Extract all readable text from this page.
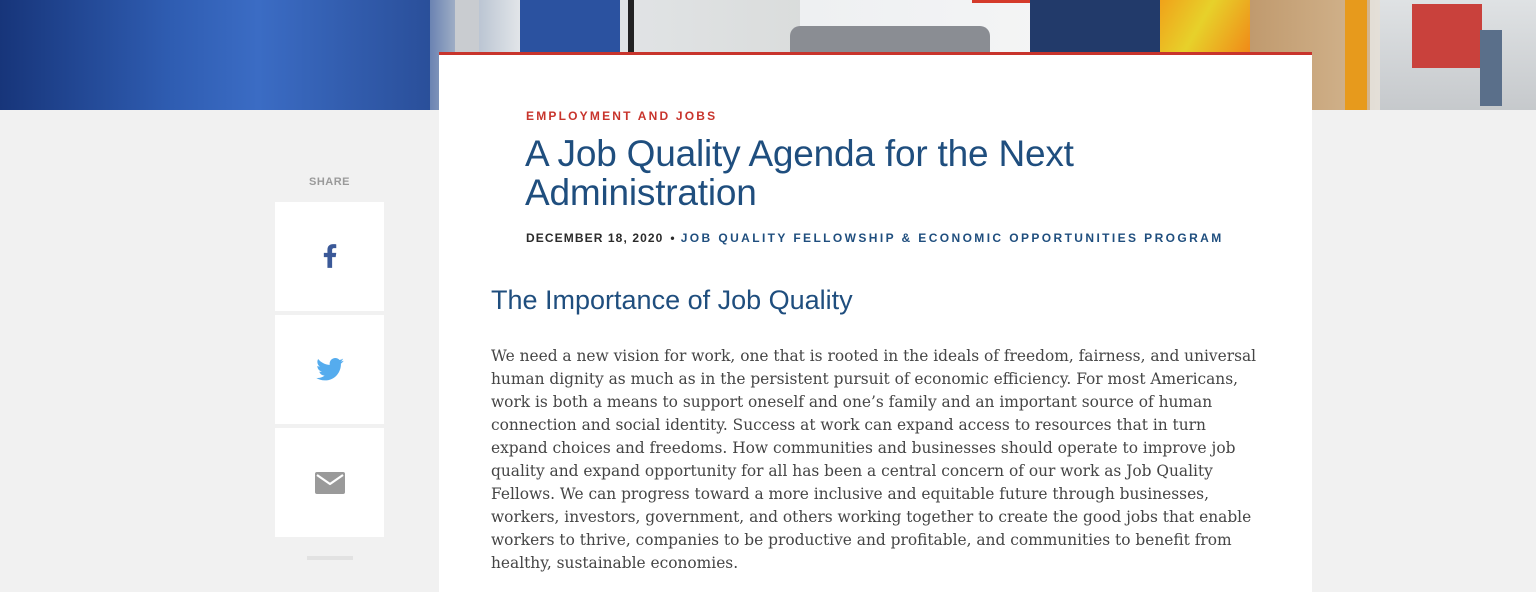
SHARE
EMPLOYMENT AND JOBS
A Job Quality Agenda for the Next Administration
DECEMBER 18, 2020 • JOB QUALITY FELLOWSHIP & ECONOMIC OPPORTUNITIES PROGRAM
The Importance of Job Quality

We need a new vision for work, one that is rooted in the ideals of freedom, fairness, and universal human dignity as much as in the persistent pursuit of economic efficiency. For most Americans, work is both a means to support oneself and one’s family and an important source of human connection and social identity. Success at work can expand access to resources that in turn expand choices and freedoms. How communities and businesses should operate to improve job quality and expand opportunity for all has been a central concern of our work as Job Quality Fellows. We can progress toward a more inclusive and equitable future through businesses, workers, investors, government, and others working together to create the good jobs that enable workers to thrive, companies to be productive and profitable, and communities to benefit from healthy, sustainable economies.
